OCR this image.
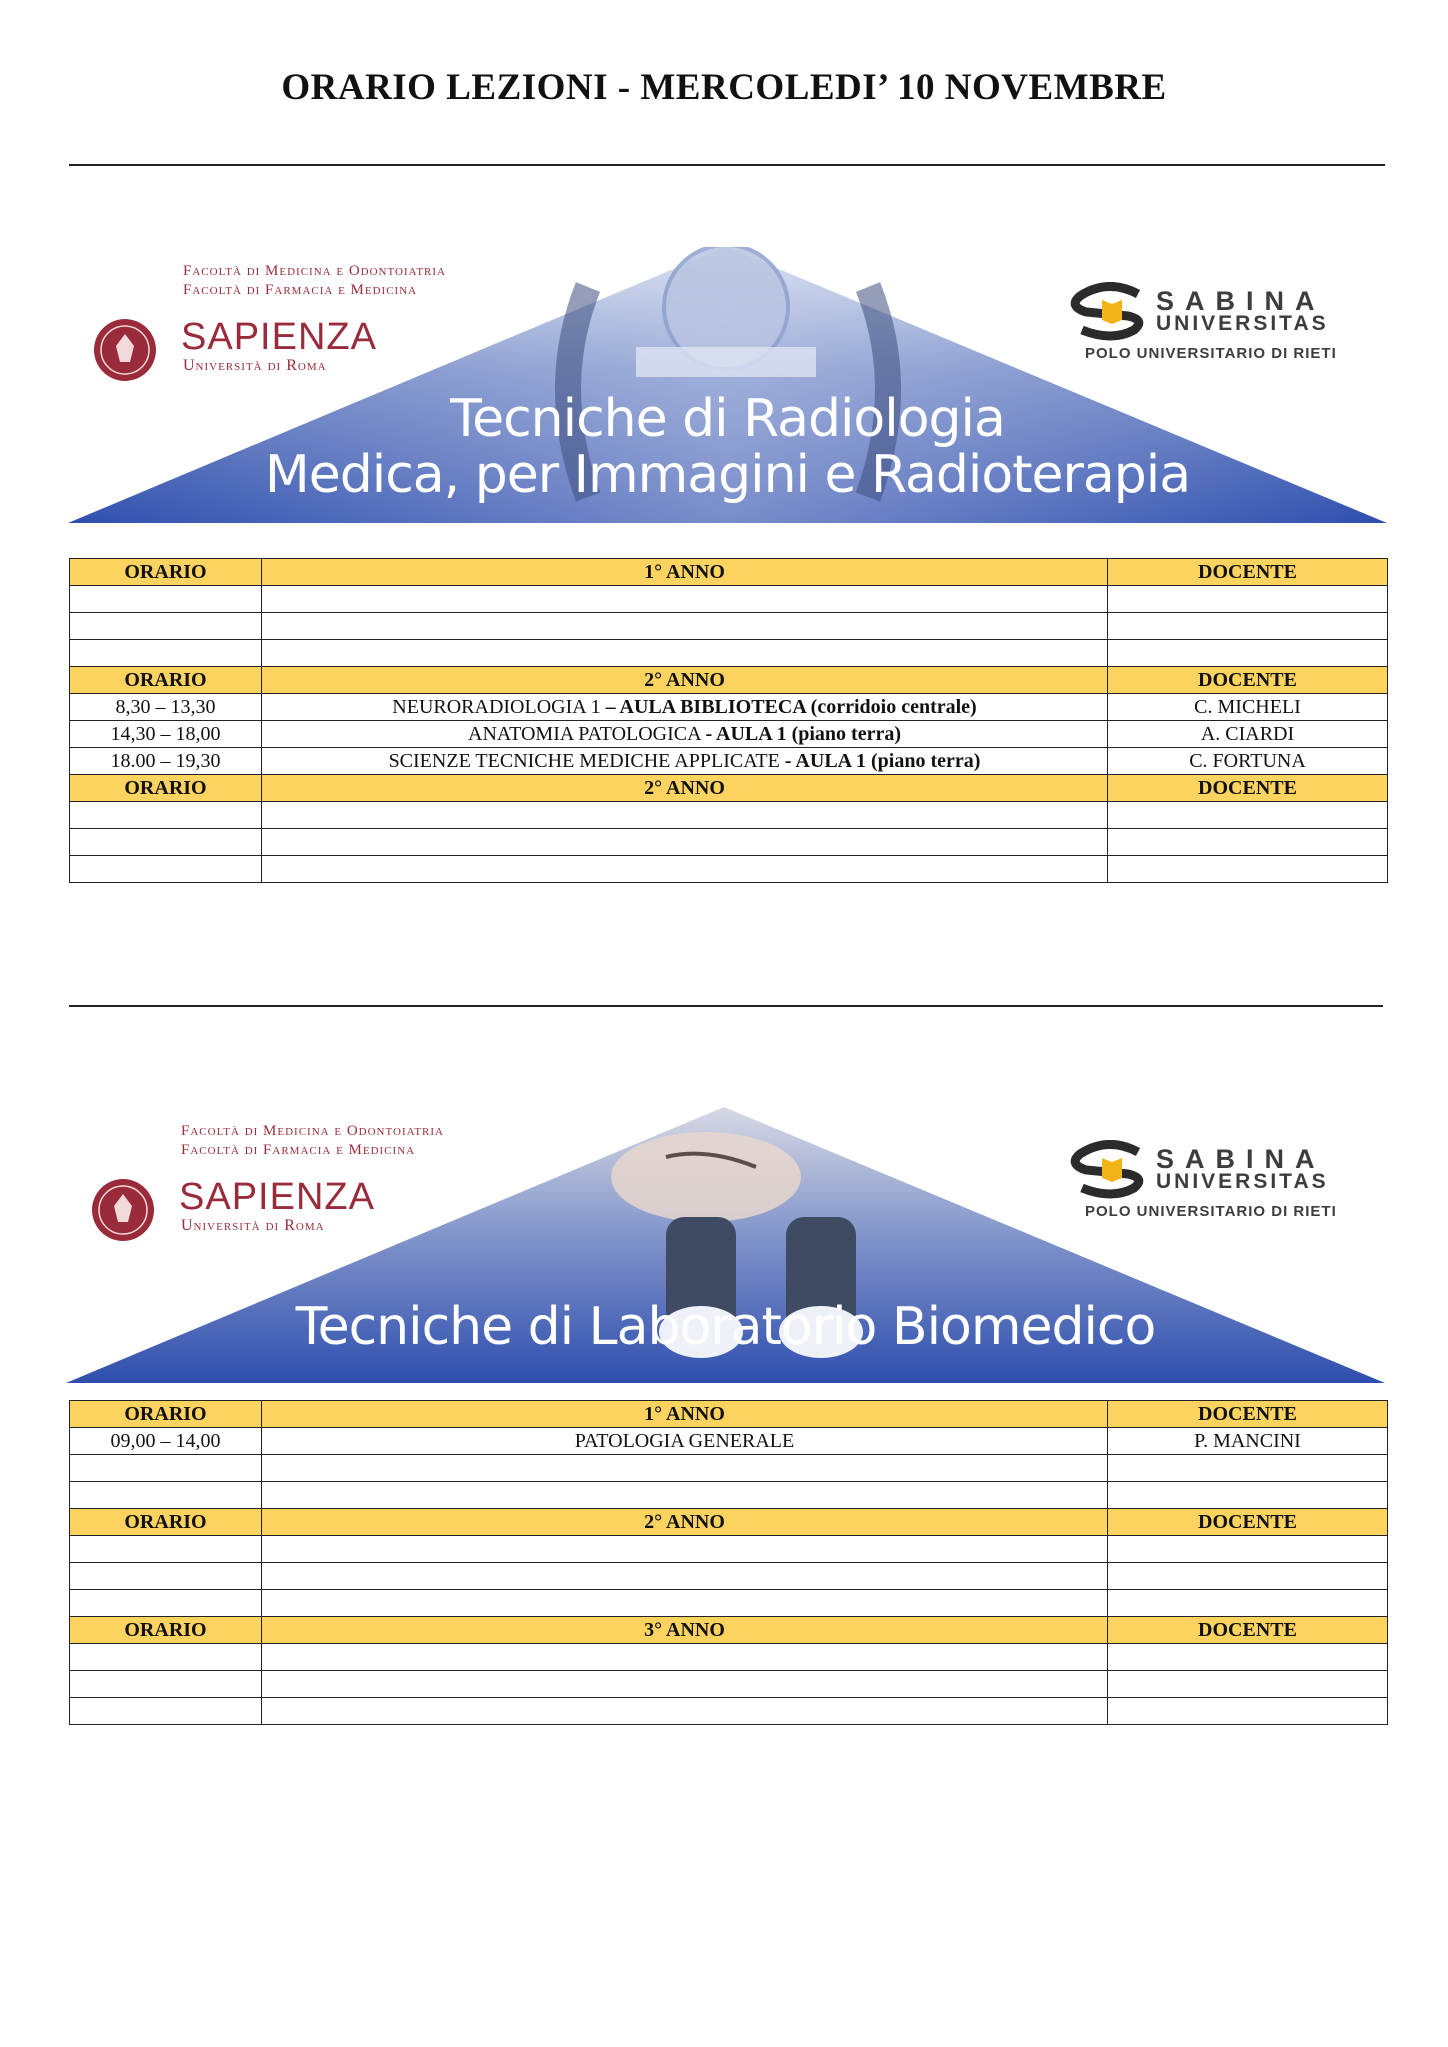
ORARIO LEZIONI - MERCOLEDI’ 10 NOVEMBRE
Tecniche di Radiologia
Medica, per Immagini e Radioterapia
Facoltà di Medicina e Odontoiatria
Facoltà di Farmacia e Medicina
SAPIENZA
Università di Roma
SABINA
UNIVERSITAS
POLO UNIVERSITARIO DI RIETI
ORARIO	1° ANNO	DOCENTE

ORARIO	2° ANNO	DOCENTE
8,30 – 13,30	NEURORADIOLOGIA 1 – AULA BIBLIOTECA (corridoio centrale)	C. MICHELI
14,30 – 18,00	ANATOMIA PATOLOGICA - AULA 1 (piano terra)	A. CIARDI
18.00 – 19,30	SCIENZE TECNICHE MEDICHE APPLICATE - AULA 1 (piano terra)	C. FORTUNA
ORARIO	2° ANNO	DOCENTE

Tecniche di Laboratorio Biomedico
Facoltà di Medicina e Odontoiatria
Facoltà di Farmacia e Medicina
SAPIENZA
Università di Roma
SABINA
UNIVERSITAS
POLO UNIVERSITARIO DI RIETI
ORARIO	1° ANNO	DOCENTE
09,00 – 14,00	PATOLOGIA GENERALE	P. MANCINI

ORARIO	2° ANNO	DOCENTE

ORARIO	3° ANNO	DOCENTE
